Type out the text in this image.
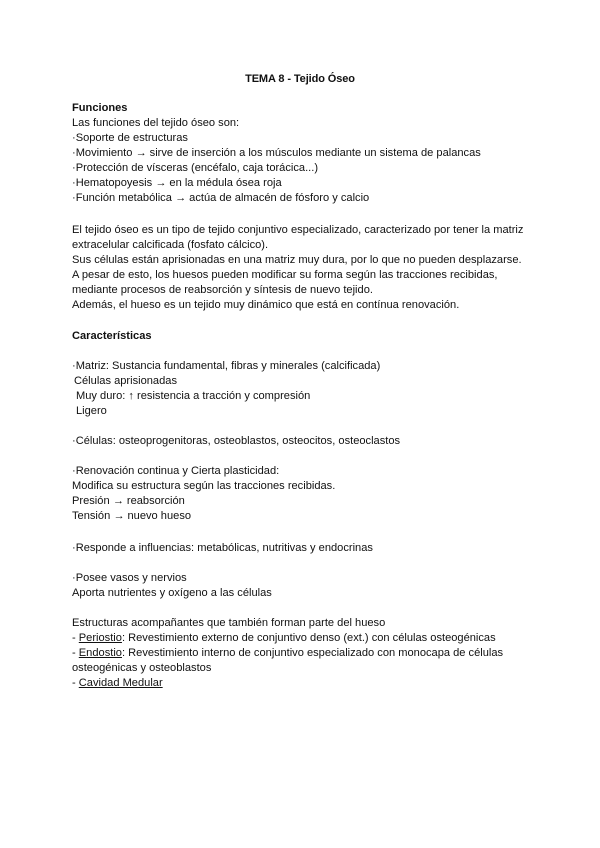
TEMA 8 - Tejido Óseo
Funciones
Las funciones del tejido óseo son:
·Soporte de estructuras
·Movimiento → sirve de inserción a los músculos mediante un sistema de palancas
·Protección de vísceras (encéfalo, caja torácica...)
·Hematopoyesis → en la médula ósea roja
·Función metabólica → actúa de almacén de fósforo y calcio
El tejido óseo es un tipo de tejido conjuntivo especializado, caracterizado por tener la matriz
extracelular calcificada (fosfato cálcico).
Sus células están aprisionadas en una matriz muy dura, por lo que no pueden desplazarse.
A pesar de esto, los huesos pueden modificar su forma según las tracciones recibidas,
mediante procesos de reabsorción y síntesis de nuevo tejido.
Además, el hueso es un tejido muy dinámico que está en contínua renovación.
Características
·Matriz: Sustancia fundamental, fibras y minerales (calcificada)
Células aprisionadas
Muy duro: ↑ resistencia a tracción y compresión
Ligero
·Células: osteoprogenitoras, osteoblastos, osteocitos, osteoclastos
·Renovación continua y Cierta plasticidad:
Modifica su estructura según las tracciones recibidas.
Presión → reabsorción
Tensión → nuevo hueso
·Responde a influencias: metabólicas, nutritivas y endocrinas
·Posee vasos y nervios
Aporta nutrientes y oxígeno a las células
Estructuras acompañantes que también forman parte del hueso
- Periostio: Revestimiento externo de conjuntivo denso (ext.) con células osteogénicas
- Endostio: Revestimiento interno de conjuntivo especializado con monocapa de células
osteogénicas y osteoblastos
- Cavidad Medular
